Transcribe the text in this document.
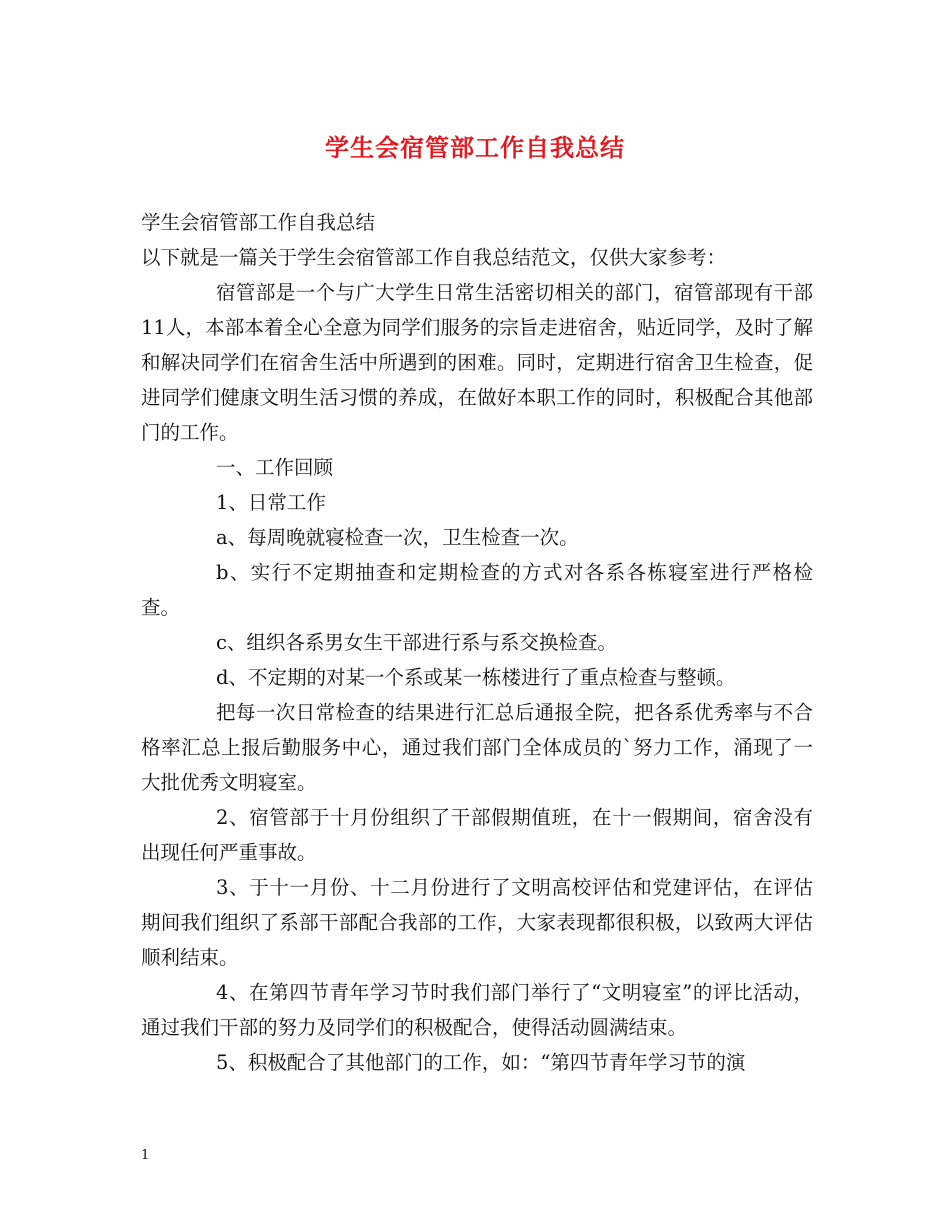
学生会宿管部工作自我总结

学生会宿管部工作自我总结

以下就是一篇关于学生会宿管部工作自我总结范文，仅供大家参考：

宿管部是一个与广大学生日常生活密切相关的部门，宿管部现有干部11人，本部本着全心全意为同学们服务的宗旨走进宿舍，贴近同学，及时了解和解决同学们在宿舍生活中所遇到的困难。同时，定期进行宿舍卫生检查，促进同学们健康文明生活习惯的养成，在做好本职工作的同时，积极配合其他部门的工作。

一、工作回顾

1、日常工作

a、每周晚就寝检查一次，卫生检查一次。

b、实行不定期抽查和定期检查的方式对各系各栋寝室进行严格检查。

c、组织各系男女生干部进行系与系交换检查。

d、不定期的对某一个系或某一栋楼进行了重点检查与整顿。

把每一次日常检查的结果进行汇总后通报全院，把各系优秀率与不合格率汇总上报后勤服务中心，通过我们部门全体成员的`努力工作，涌现了一大批优秀文明寝室。

2、宿管部于十月份组织了干部假期值班，在十一假期间，宿舍没有出现任何严重事故。

3、于十一月份、十二月份进行了文明高校评估和党建评估，在评估期间我们组织了系部干部配合我部的工作，大家表现都很积极，以致两大评估顺利结束。

4、在第四节青年学习节时我们部门举行了“文明寝室”的评比活动，通过我们干部的努力及同学们的积极配合，使得活动圆满结束。

5、积极配合了其他部门的工作，如：“第四节青年学习节的演

1
